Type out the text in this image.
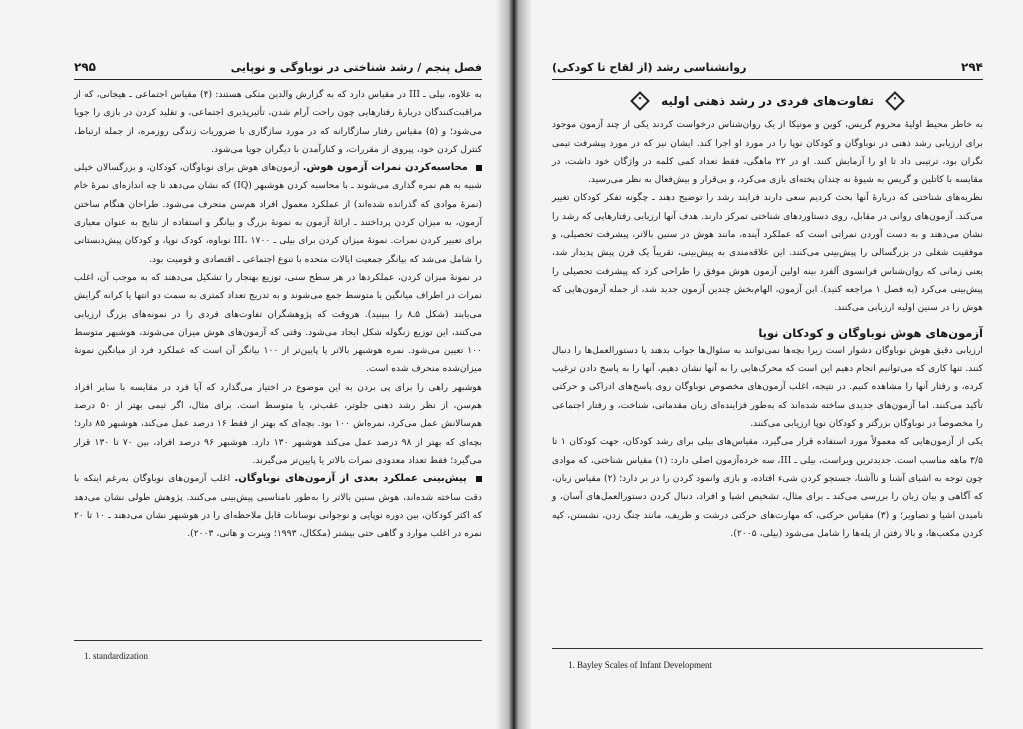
فصل پنجم / رشد شناختی در نوباوگی و نوپایی
۲۹۵

به علاوه، بیلی ـ III در مقیاس دارد که به گزارش والدین متکی هستند: (۴) مقیاس اجتماعی ـ هیجانی، که از مراقبت‌کنندگان دربارهٔ رفتارهایی چون راحت آرام شدن، تأثیرپذیری اجتماعی، و تقلید کردن در بازی را جویا می‌شود؛ و (۵) مقیاس رفتار سازگارانه که در مورد سازگاری با ضروریات زندگی روزمره، از جمله ارتباط، کنترل کردن خود، پیروی از مقررات، و کنارآمدن با دیگران جویا می‌شود.

محاسبه‌کردن نمرات آزمون هوش. آزمون‌های هوش برای نوباوگان، کودکان، و بزرگسالان خیلی شبیه به هم نمره گذاری می‌شوند ـ با محاسبه کردن هوشبهر (IQ) که نشان می‌دهد تا چه اندازه‌ای نمرهٔ خام (نمرهٔ موادی که گذرانده شده‌اند) از عملکرد معمول افراد هم‌سن منحرف می‌شود. طراحان هنگام ساختن آزمون، به میزان کردن پرداختند ـ ارائهٔ آزمون به نمونهٔ بزرگ و بیانگر و استفاده از نتایج به عنوان معیاری برای تعبیر کردن نمرات. نمونهٔ میزان کردن برای بیلی ـ III، ۱۷۰۰ نوباوه، کودک نوپا، و کودکان پیش‌دبستانی را شامل می‌شد که بیانگر جمعیت ایالات متحده با تنوع اجتماعی ـ اقتصادی و قومیت بود.

در نمونهٔ میزان کردن، عملکردها در هر سطح سنی، توزیع بهنجار را تشکیل می‌دهند که به موجب آن، اغلب نمرات در اطراف میانگین یا متوسط جمع می‌شوند و به تدریج تعداد کمتری به سمت دو انتها یا کرانه گرایش می‌یابند (شکل ۵ـ۸ را ببینید). هروقت که پژوهشگران تفاوت‌های فردی را در نمونه‌های بزرگ ارزیابی می‌کنند، این توزیع زنگوله شکل ایجاد می‌شود. وقتی که آزمون‌های هوش میزان می‌شوند، هوشبهر متوسط ۱۰۰ تعیین می‌شود. نمره هوشبهر بالاتر یا پایین‌تر از ۱۰۰ بیانگر آن است که عملکرد فرد از میانگین نمونهٔ میزان‌شده منحرف شده است.

هوشبهر راهی را برای پی بردن به این موضوع در اختیار می‌گذارد که آیا فرد در مقایسه با سایر افراد هم‌سن، از نظر رشد ذهنی جلوتر، عقب‌تر، یا متوسط است. برای مثال، اگر تیمی بهتر از ۵۰ درصد هم‌سالانش عمل می‌کرد، نمره‌اش ۱۰۰ بود. بچه‌ای که بهتر از فقط ۱۶ درصد عمل می‌کند، هوشبهر ۸۵ دارد؛ بچه‌ای که بهتر از ۹۸ درصد عمل می‌کند هوشبهر ۱۳۰ دارد. هوشبهر ۹۶ درصد افراد، بین ۷۰ تا ۱۳۰ قرار می‌گیرد؛ فقط تعداد معدودی نمرات بالاتر یا پایین‌تر می‌گیرند.

پیش‌بینی عملکرد بعدی از آزمون‌های نوباوگان. اغلب آزمون‌های نوباوگان به‌رغم اینکه با دقت ساخته شده‌اند، هوش سنین بالاتر را به‌طور نامناسبی پیش‌بینی می‌کنند. پژوهش طولی نشان می‌دهد که اکثر کودکان، بین دوره نوپایی و نوجوانی نوسانات قابل ملاحظه‌ای را در هوشبهر نشان می‌دهند ـ ۱۰ تا ۲۰ نمره در اغلب موارد و گاهی حتی بیشتر (مککال، ۱۹۹۳؛ وینرت و هانی، ۲۰۰۳).

1. standardization
۲۹۴
روانشناسی رشد (از لقاح تا کودکی)
تفاوت‌های فردی در رشد ذهنی اولیه

به خاطر محیط اولیهٔ محروم گریس، کوین و مونیکا از یک روان‌شناس درخواست کردند یکی از چند آزمون موجود برای ارزیابی رشد ذهنی در نوباوگان و کودکان نوپا را در مورد او اجرا کند. ایشان نیز که در مورد پیشرفت تیمی نگران بود، ترتیبی داد تا او را آزمایش کنند. او در ۲۲ ماهگی، فقط تعداد کمی کلمه در واژگان خود داشت، در مقایسه با کاتلین و گریس به شیوهٔ نه چندان پخته‌ای بازی می‌کرد، و بی‌قرار و بیش‌فعال به نظر می‌رسید.

نظریه‌های شناختی که دربارهٔ آنها بحث کردیم سعی دارند فرایند رشد را توضیح دهند ـ چگونه تفکر کودکان تغییر می‌کند. آزمون‌های روانی در مقابل، روی دستاوردهای شناختی تمرکز دارند. هدف آنها ارزیابی رفتارهایی که رشد را نشان می‌دهند و به دست آوردن نمراتی است که عملکرد آینده، مانند هوش در سنین بالاتر، پیشرفت تحصیلی، و موفقیت شغلی در بزرگسالی را پیش‌بینی می‌کنند. این علاقه‌مندی به پیش‌بینی، تقریباً یک قرن پیش پدیدار شد، یعنی زمانی که روان‌شناس فرانسوی آلفرد بینه اولین آزمون هوش موفق را طراحی کرد که پیشرفت تحصیلی را پیش‌بینی می‌کرد (به فصل ۱ مراجعه کنید). این آزمون، الهام‌بخش چندین آزمون جدید شد، از جمله آزمون‌هایی که هوش را در سنین اولیه ارزیابی می‌کنند.

آزمون‌های هوش نوباوگان و کودکان نوپا

ارزیابی دقیق هوش نوباوگان دشوار است زیرا بچه‌ها نمی‌توانند به سئوال‌ها جواب بدهند یا دستورالعمل‌ها را دنبال کنند. تنها کاری که می‌توانیم انجام دهیم این است که محرک‌هایی را به آنها نشان دهیم، آنها را به پاسخ دادن ترغیب کرده، و رفتار آنها را مشاهده کنیم. در نتیجه، اغلب آزمون‌های مخصوص نوباوگان روی پاسخ‌های ادراکی و حرکتی تأکید می‌کنند. اما آزمون‌های جدیدی ساخته شده‌اند که به‌طور فزاینده‌ای زبان مقدماتی، شناخت، و رفتار اجتماعی را مخصوصاً در نوباوگان بزرگتر و کودکان نوپا ارزیابی می‌کنند.

یکی از آزمون‌هایی که معمولاً مورد استفاده قرار می‌گیرد، مقیاس‌های بیلی برای رشد کودکان، جهت کودکان ۱ تا ۳/۵ ماهه مناسب است. جدیدترین ویراست، بیلی ـ III، سه خرده‌آزمون اصلی دارد: (۱) مقیاس شناختی، که موادی چون توجه به اشیای آشنا و ناآشنا، جستجو کردن شیء افتاده، و بازی وانمود کردن را در بر دارد؛ (۲) مقیاس زبان، که آگاهی و بیان زبان را بررسی می‌کند ـ برای مثال، تشخیص اشیا و افراد، دنبال کردن دستورالعمل‌های آسان، و نامیدن اشیا و تصاویر؛ و (۳) مقیاس حرکتی، که مهارت‌های حرکتی درشت و ظریف، مانند چنگ زدن، نشستن، کپه کردن مکعب‌ها، و بالا رفتن از پله‌ها را شامل می‌شود (بیلی، ۲۰۰۵).

1. Bayley Scales of Infant Development
